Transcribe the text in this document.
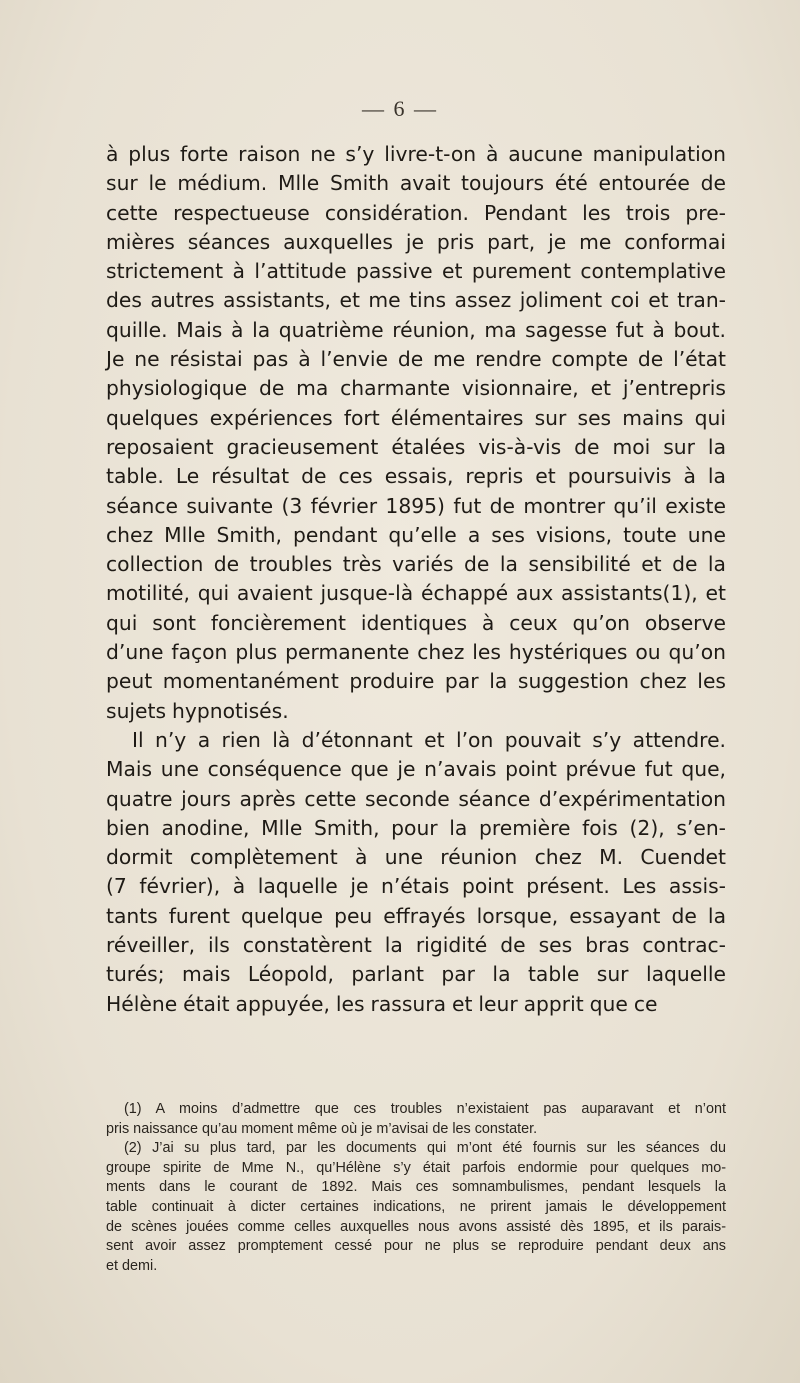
— 6 —

à plus forte raison ne s’y livre-t-on à aucune manipulation
sur le médium. Mlle Smith avait toujours été entourée de
cette respectueuse considération. Pendant les trois pre-
mières séances auxquelles je pris part, je me conformai
strictement à l’attitude passive et purement contemplative
des autres assistants, et me tins assez joliment coi et tran-
quille. Mais à la quatrième réunion, ma sagesse fut à bout.
Je ne résistai pas à l’envie de me rendre compte de l’état
physiologique de ma charmante visionnaire, et j’entrepris
quelques expériences fort élémentaires sur ses mains qui
reposaient gracieusement étalées vis-à-vis de moi sur la
table. Le résultat de ces essais, repris et poursuivis à la
séance suivante (3 février 1895) fut de montrer qu’il existe
chez Mlle Smith, pendant qu’elle a ses visions, toute une
collection de troubles très variés de la sensibilité et de la
motilité, qui avaient jusque-là échappé aux assistants(1), et
qui sont foncièrement identiques à ceux qu’on observe
d’une façon plus permanente chez les hystériques ou qu’on
peut momentanément produire par la suggestion chez les
sujets hypnotisés.

Il n’y a rien là d’étonnant et l’on pouvait s’y attendre.
Mais une conséquence que je n’avais point prévue fut que,
quatre jours après cette seconde séance d’expérimentation
bien anodine, Mlle Smith, pour la première fois (2), s’en-
dormit complètement à une réunion chez M. Cuendet
(7 février), à laquelle je n’étais point présent. Les assis-
tants furent quelque peu effrayés lorsque, essayant de la
réveiller, ils constatèrent la rigidité de ses bras contrac-
turés; mais Léopold, parlant par la table sur laquelle
Hélène était appuyée, les rassura et leur apprit que ce

(1) A moins d’admettre que ces troubles n’existaient pas auparavant et n’ont
pris naissance qu’au moment même où je m’avisai de les constater.
(2) J’ai su plus tard, par les documents qui m’ont été fournis sur les séances du
groupe spirite de Mme N., qu’Hélène s’y était parfois endormie pour quelques mo-
ments dans le courant de 1892. Mais ces somnambulismes, pendant lesquels la
table continuait à dicter certaines indications, ne prirent jamais le développement
de scènes jouées comme celles auxquelles nous avons assisté dès 1895, et ils parais-
sent avoir assez promptement cessé pour ne plus se reproduire pendant deux ans
et demi.
